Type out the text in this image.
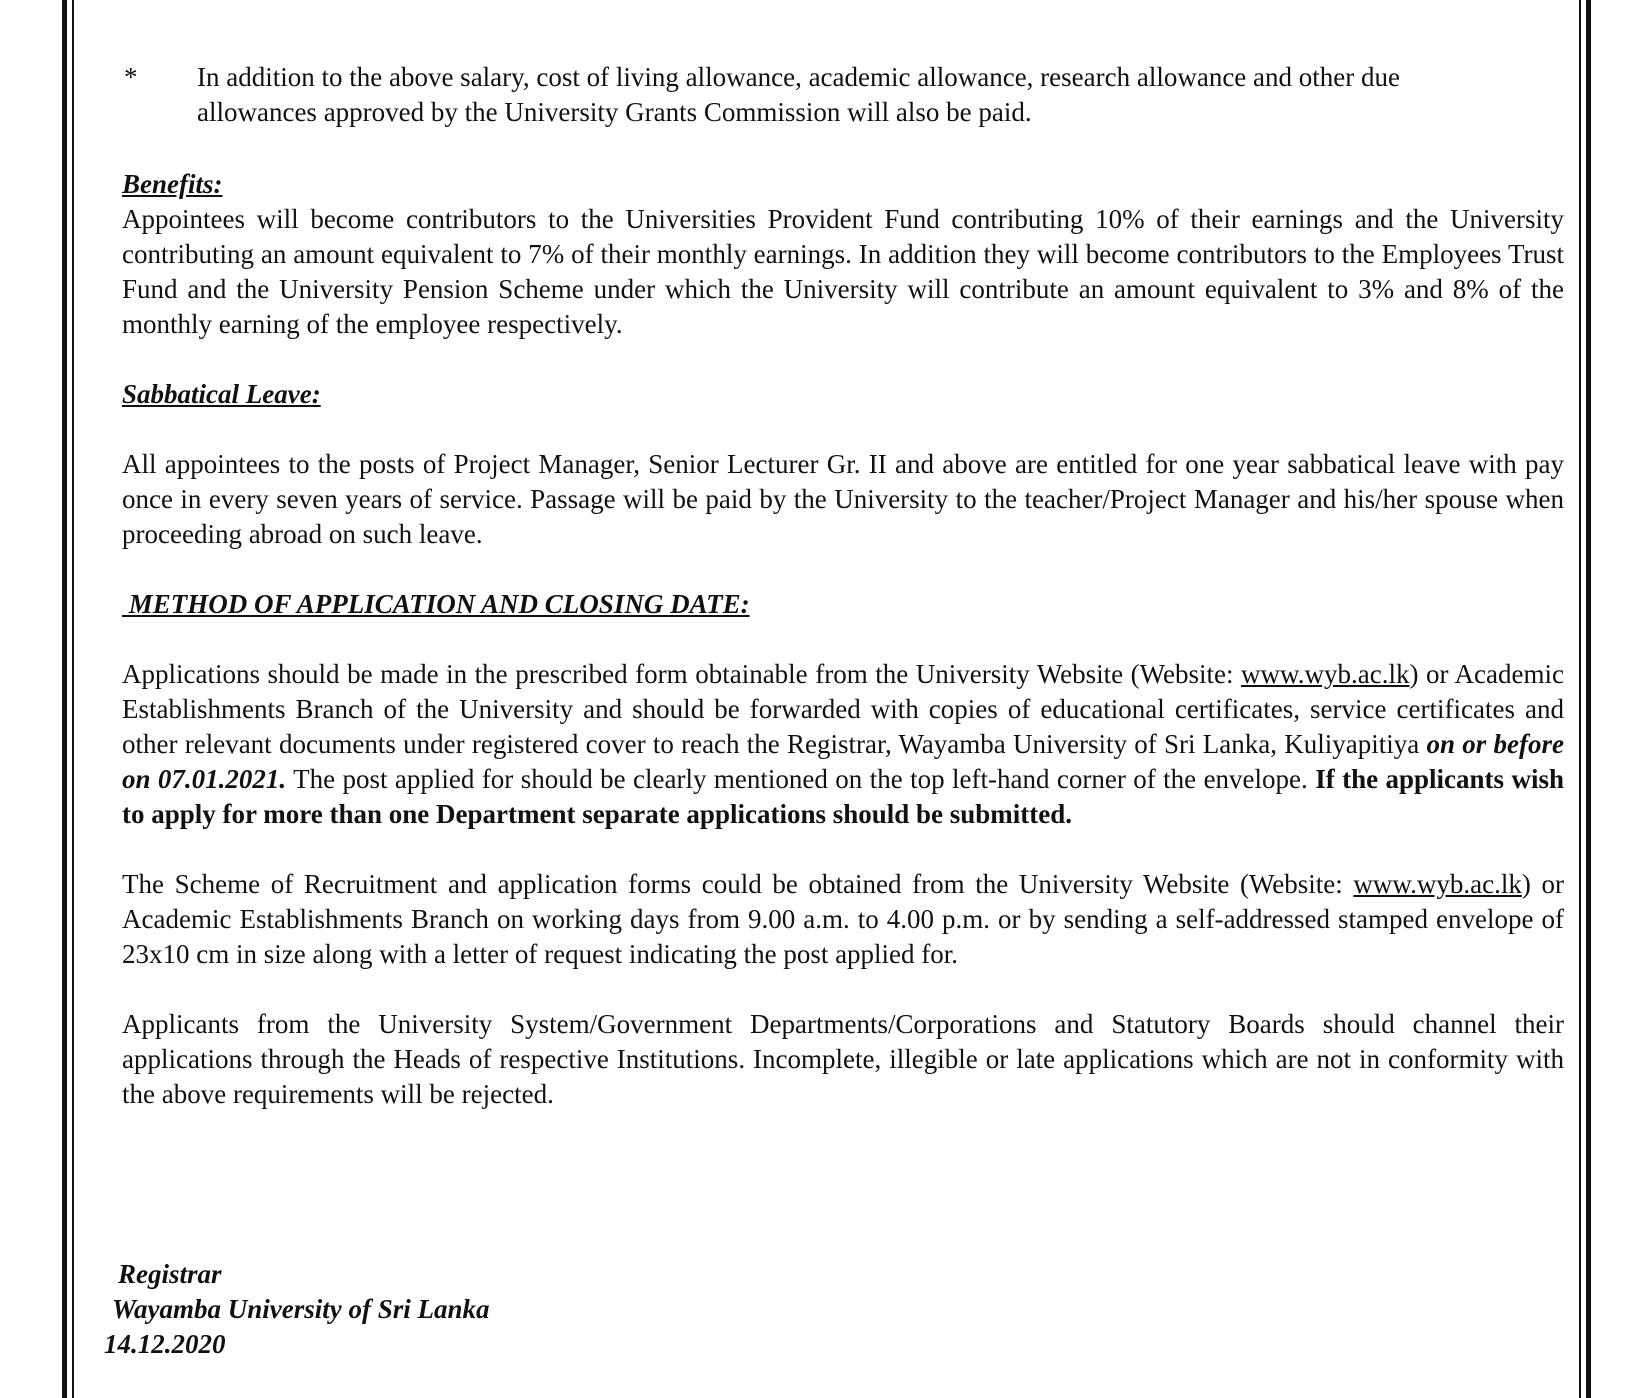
*	In addition to the above salary, cost of living allowance, academic allowance, research allowance and other due allowances approved by the University Grants Commission will also be paid.
Benefits:

Appointees will become contributors to the Universities Provident Fund contributing 10% of their earnings and the University contributing an amount equivalent to 7% of their monthly earnings. In addition they will become contributors to the Employees Trust Fund and the University Pension Scheme under which the University will contribute an amount equivalent to 3% and 8% of the monthly earning of the employee respectively.

Sabbatical Leave:

All appointees to the posts of Project Manager, Senior Lecturer Gr. II and above are entitled for one year sabbatical leave with pay once in every seven years of service. Passage will be paid by the University to the teacher/Project Manager and his/her spouse when proceeding abroad on such leave.

METHOD OF APPLICATION AND CLOSING DATE:

Applications should be made in the prescribed form obtainable from the University Website (Website: www.wyb.ac.lk) or Academic Establishments Branch of the University and should be forwarded with copies of educational certificates, service certificates and other relevant documents under registered cover to reach the Registrar, Wayamba University of Sri Lanka, Kuliyapitiya on or before on 07.01.2021. The post applied for should be clearly mentioned on the top left-hand corner of the envelope. If the applicants wish to apply for more than one Department separate applications should be submitted.

The Scheme of Recruitment and application forms could be obtained from the University Website (Website: www.wyb.ac.lk) or Academic Establishments Branch on working days from 9.00 a.m. to 4.00 p.m. or by sending a self-addressed stamped envelope of 23x10 cm in size along with a letter of request indicating the post applied for.

Applicants from the University System/Government Departments/Corporations and Statutory Boards should channel their applications through the Heads of respective Institutions. Incomplete, illegible or late applications which are not in conformity with the above requirements will be rejected.

Registrar
Wayamba University of Sri Lanka
14.12.2020
